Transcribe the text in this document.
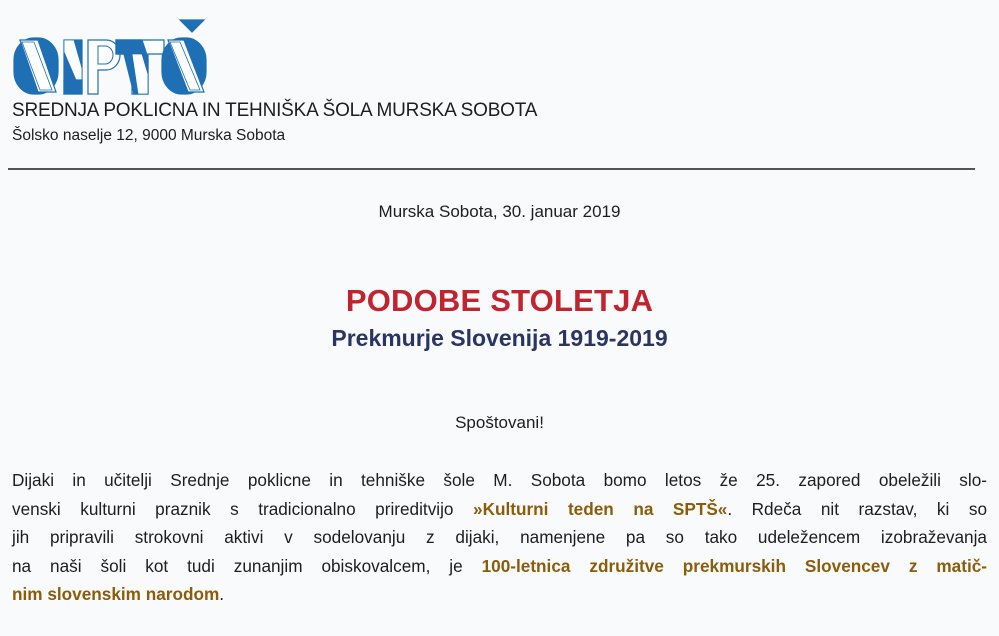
SREDNJA POKLICNA IN TEHNIŠKA ŠOLA MURSKA SOBOTA
Šolsko naselje 12, 9000 Murska Sobota
Murska Sobota, 30. januar 2019
PODOBE STOLETJA
Prekmurje Slovenija 1919-2019
Spoštovani!
Dijaki in učitelji Srednje poklicne in tehniške šole M. Sobota bomo letos že 25. zapored obeležili slo-
venski kulturni praznik s tradicionalno prireditvijo »Kulturni teden na SPTŠ«. Rdeča nit razstav, ki so
jih pripravili strokovni aktivi v sodelovanju z dijaki, namenjene pa so tako udeležencem izobraževanja
na naši šoli kot tudi zunanjim obiskovalcem, je 100-letnica združitve prekmurskih Slovencev z matič-
nim slovenskim narodom.
